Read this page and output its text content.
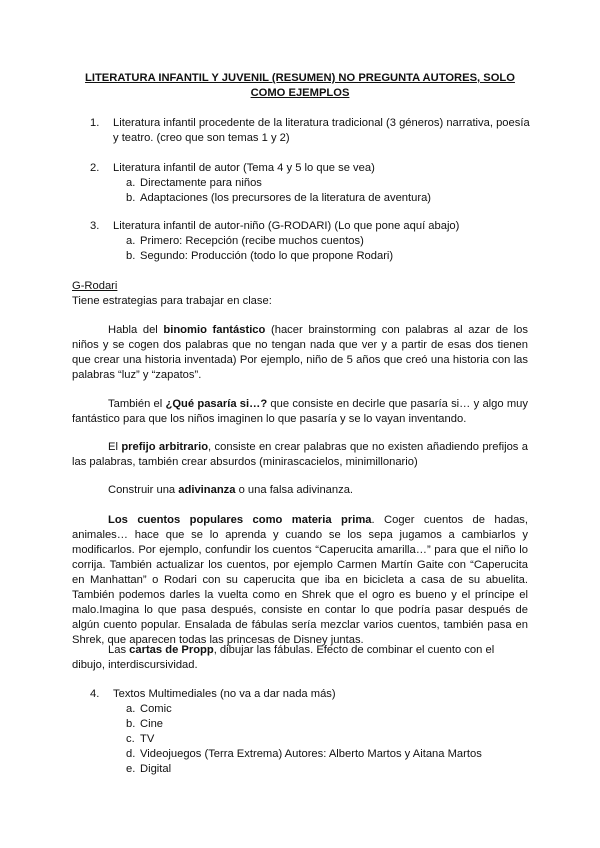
LITERATURA INFANTIL Y JUVENIL (RESUMEN) NO PREGUNTA AUTORES, SOLO COMO EJEMPLOS
1. Literatura infantil procedente de la literatura tradicional (3 géneros) narrativa, poesía y teatro. (creo que son temas 1 y 2)
2. Literatura infantil de autor (Tema 4 y 5 lo que se vea)
a. Directamente para niños
b. Adaptaciones (los precursores de la literatura de aventura)
3. Literatura infantil de autor-niño (G-RODARI) (Lo que pone aquí abajo)
a. Primero: Recepción (recibe muchos cuentos)
b. Segundo: Producción (todo lo que propone Rodari)
G-Rodari
Tiene estrategias para trabajar en clase:
Habla del binomio fantástico (hacer brainstorming con palabras al azar de los niños y se cogen dos palabras que no tengan nada que ver y a partir de esas dos tienen que crear una historia inventada) Por ejemplo, niño de 5 años que creó una historia con las palabras “luz” y “zapatos”.
También el ¿Qué pasaría si…? que consiste en decirle que pasaría si… y algo muy fantástico para que los niños imaginen lo que pasaría y se lo vayan inventando.
El prefijo arbitrario, consiste en crear palabras que no existen añadiendo prefijos a las palabras, también crear absurdos (minirascacielos, minimillonario)
Construir una adivinanza o una falsa adivinanza.
Los cuentos populares como materia prima. Coger cuentos de hadas, animales… hace que se lo aprenda y cuando se los sepa jugamos a cambiarlos y modificarlos. Por ejemplo, confundir los cuentos “Caperucita amarilla…” para que el niño lo corrija. También actualizar los cuentos, por ejemplo Carmen Martín Gaite con “Caperucita en Manhattan” o Rodari con su caperucita que iba en bicicleta a casa de su abuelita. También podemos darles la vuelta como en Shrek que el ogro es bueno y el príncipe el malo.Imagina lo que pasa después, consiste en contar lo que podría pasar después de algún cuento popular. Ensalada de fábulas sería mezclar varios cuentos, también pasa en Shrek, que aparecen todas las princesas de Disney juntas.
Las cartas de Propp, dibujar las fábulas. Efecto de combinar el cuento con el dibujo, interdiscursividad.
4. Textos Multimediales (no va a dar nada más)
a. Comic
b. Cine
c. TV
d. Videojuegos (Terra Extrema) Autores: Alberto Martos y Aitana Martos
e. Digital
